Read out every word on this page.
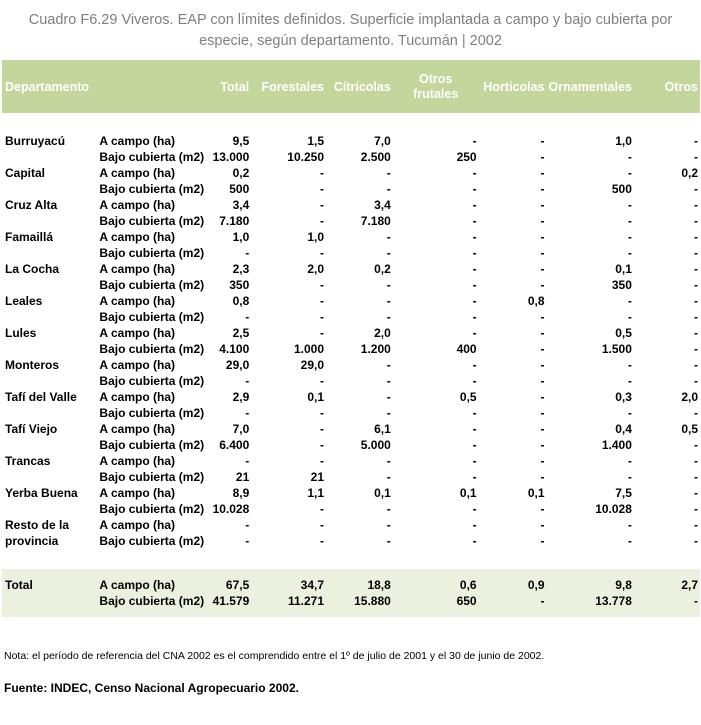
Cuadro F6.29 Viveros. EAP con límites definidos. Superficie implantada a campo y bajo cubierta por especie, según departamento. Tucumán | 2002
Departamento		Total	Forestales	Cítrícolas	Otros
frutales	Horticolas	Ornamentales	Otros

Burruyacú	A campo (ha)	9,5	1,5	7,0	-	-	1,0	-
	Bajo cubierta (m2)	13.000	10.250	2.500	250	-	-	-
Capital	A campo (ha)	0,2	-	-	-	-	-	0,2
	Bajo cubierta (m2)	500	-	-	-	-	500	-
Cruz Alta	A campo (ha)	3,4	-	3,4	-	-	-	-
	Bajo cubierta (m2)	7.180	-	7.180	-	-	-	-
Famaillá	A campo (ha)	1,0	1,0	-	-	-	-	-
	Bajo cubierta (m2)	-	-	-	-	-	-	-
La Cocha	A campo (ha)	2,3	2,0	0,2	-	-	0,1	-
	Bajo cubierta (m2)	350	-	-	-	-	350	-
Leales	A campo (ha)	0,8	-	-	-	0,8	-	-
	Bajo cubierta (m2)	-	-	-	-	-	-	-
Lules	A campo (ha)	2,5	-	2,0	-	-	0,5	-
	Bajo cubierta (m2)	4.100	1.000	1.200	400	-	1.500	-
Monteros	A campo (ha)	29,0	29,0	-	-	-	-	-
	Bajo cubierta (m2)	-	-	-	-	-	-	-
Tafí del Valle	A campo (ha)	2,9	0,1	-	0,5	-	0,3	2,0
	Bajo cubierta (m2)	-	-	-	-	-	-	-
Tafí Viejo	A campo (ha)	7,0	-	6,1	-	-	0,4	0,5
	Bajo cubierta (m2)	6.400	-	5.000	-	-	1.400	-
Trancas	A campo (ha)	-	-	-	-	-	-	-
	Bajo cubierta (m2)	21	21	-	-	-	-	-
Yerba Buena	A campo (ha)	8,9	1,1	0,1	0,1	0,1	7,5	-
	Bajo cubierta (m2)	10.028	-	-	-	-	10.028	-
Resto de la
provincia	A campo (ha)	-	-	-	-	-	-	-
	Bajo cubierta (m2)	-	-	-	-	-	-	-

Total	A campo (ha)	67,5	34,7	18,8	0,6	0,9	9,8	2,7
	Bajo cubierta (m2)	41.579	11.271	15.880	650	-	13.778	-

Nota: el período de referencia del CNA 2002 es el comprendido entre el 1º de julio de 2001 y el 30 de junio de 2002.
Fuente: INDEC, Censo Nacional Agropecuario 2002.
